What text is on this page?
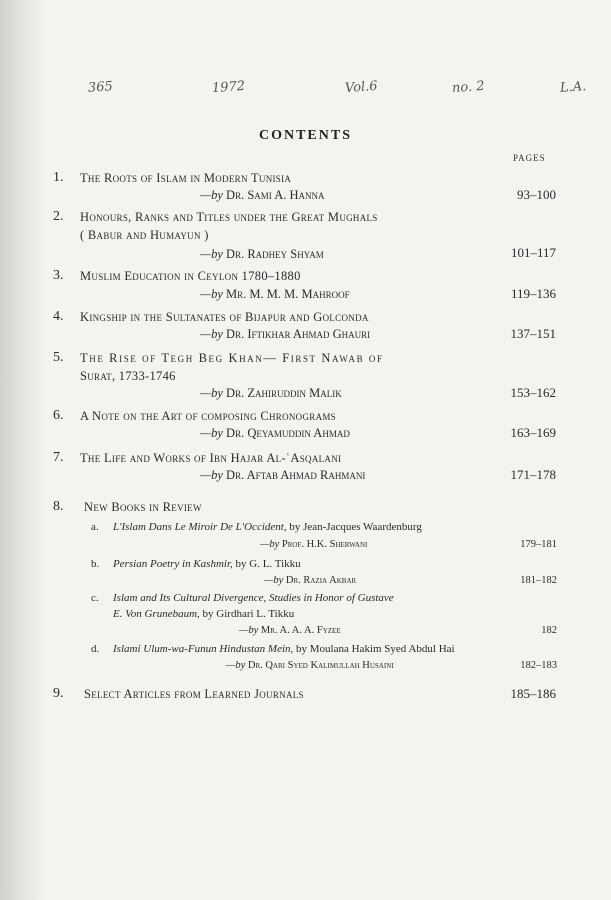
365	1972	Vol.6	no. 2	L.A.
CONTENTS
PAGES
1. The Roots of Islam in Modern Tunisia
—by Dr. Sami A. Hanna	93–100
2. Honours, Ranks and Titles under the Great Mughals
( Babur and Humayun )
—by Dr. Radhey Shyam	101–117
3. Muslim Education in Ceylon 1780–1880
—by Mr. M. M. M. Mahroof	119–136
4. Kingship in the Sultanates of Bijapur and Golconda
—by Dr. Iftikhar Ahmad Ghauri	137–151
5. The Rise of Tegh Beg Khan— First Nawab of
Surat, 1733-1746
—by Dr. Zahiruddin Malik	153–162
6. A Note on the Art of composing Chronograms
—by Dr. Qeyamuddin Ahmad	163–169
7. The Life and Works of Ibn Hajar Al-ʿAsqalani
—by Dr. Aftab Ahmad Rahmani	171–178
8. New Books in Review
a. L'Islam Dans Le Miroir De L'Occident, by Jean-Jacques Waardenburg
—by Prof. H.K. Sherwani	179–181
b. Persian Poetry in Kashmir, by G. L. Tikku
—by Dr. Razia Akbar	181–182
c. Islam and Its Cultural Divergence, Studies in Honor of Gustave
E. Von Grunebaum, by Girdhari L. Tikku
—by Mr. A. A. A. Fyzee	182
d. Islami Ulum-wa-Funun Hindustan Mein, by Moulana Hakim Syed Abdul Hai
—by Dr. Qari Syed Kalimullah Husaini	182–183
9. Select Articles from Learned Journals	185–186
